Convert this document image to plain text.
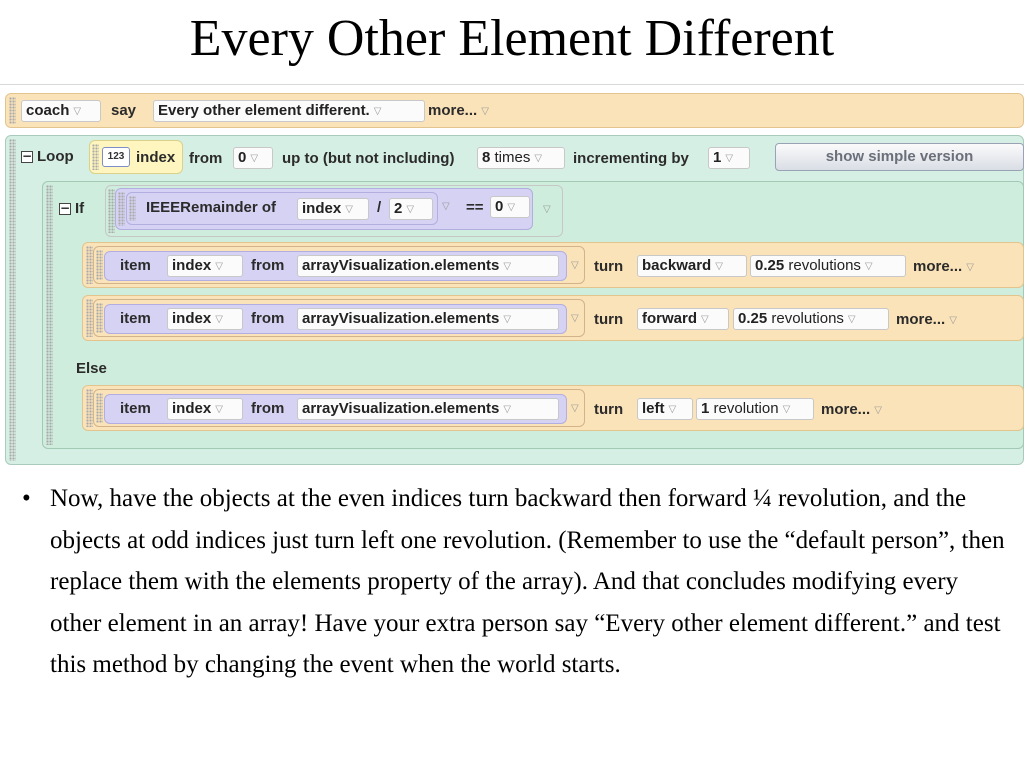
Every Other Element Different
coach ▽	say	Every other element different. ▽	more... ▽
− Loop	123 index from	0 ▽	up to (but not including)	8 times ▽	incrementing by	1 ▽	show simple version
− If	IEEERemainder of	index ▽	/ 2 ▽	▽ == 0 ▽	▽
item	index ▽	from	arrayVisualization.elements ▽	▽ turn	backward ▽	0.25 revolutions ▽	more... ▽
item	index ▽	from	arrayVisualization.elements ▽	▽ turn	forward ▽	0.25 revolutions ▽	more... ▽
Else
item	index ▽	from	arrayVisualization.elements ▽	▽ turn	left ▽	1 revolution ▽	more... ▽
• Now, have the objects at the even indices turn backward then forward ¼ revolution, and the objects at odd indices just turn left one revolution. (Remember to use the “default person”, then replace them with the elements property of the array). And that concludes modifying every other element in an array! Have your extra person say “Every other element different.” and test this method by changing the event when the world starts.
